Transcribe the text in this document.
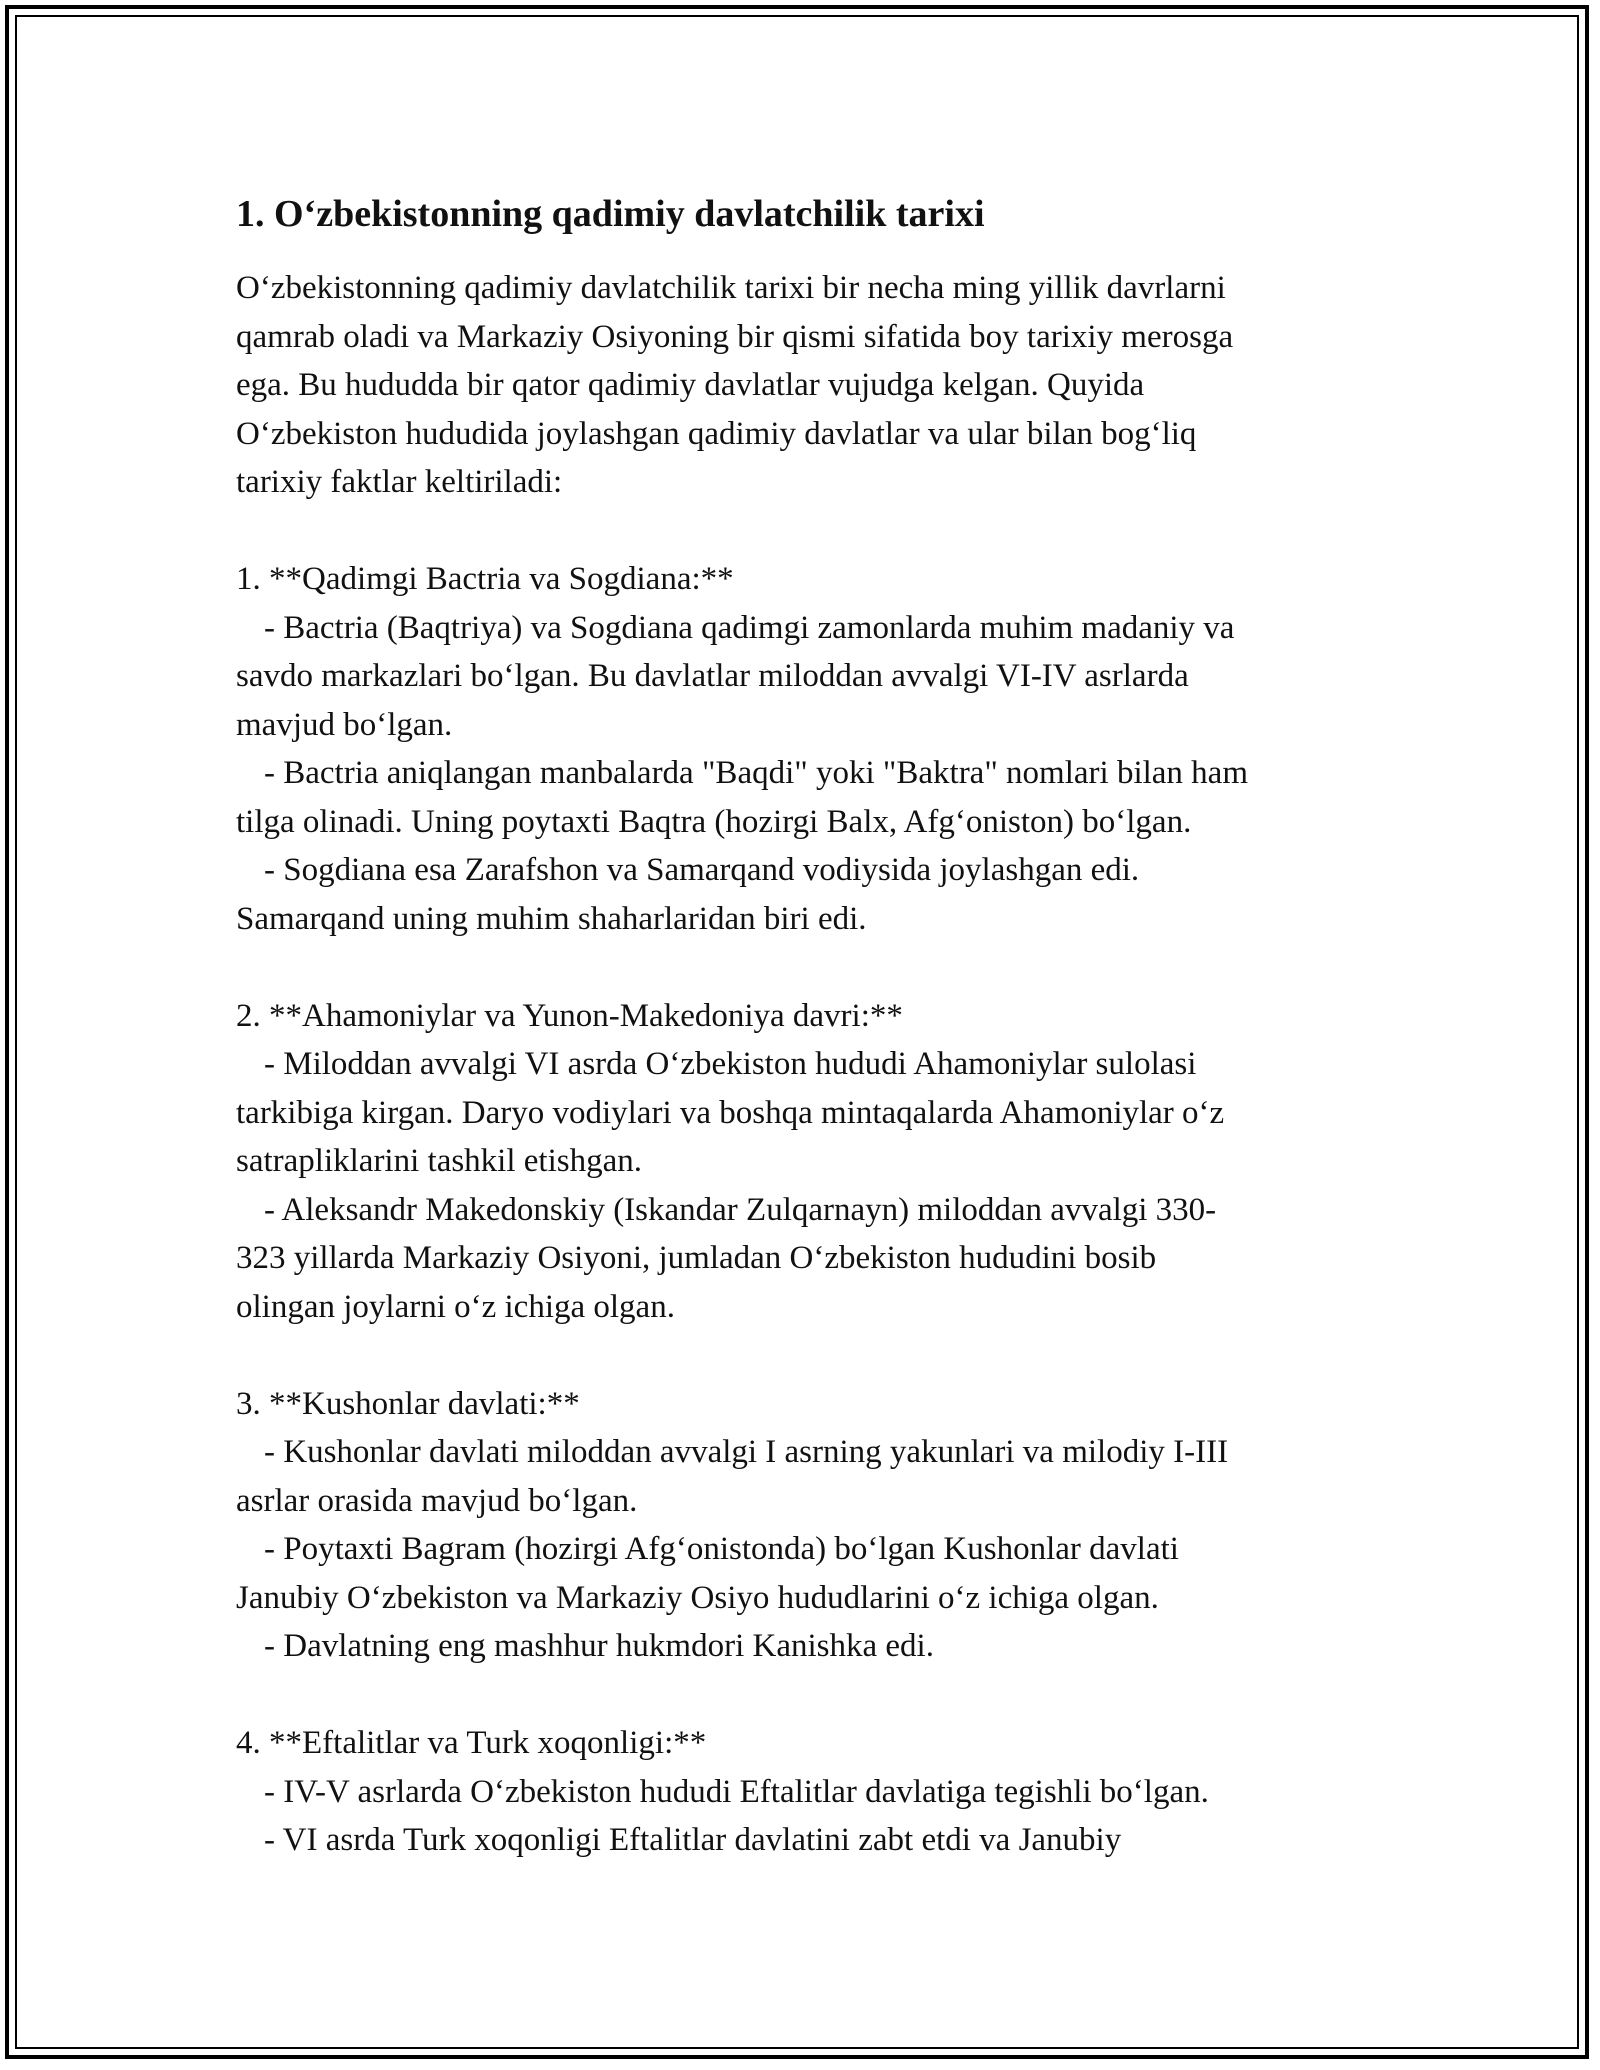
1. O‘zbekistonning qadimiy davlatchilik tarixi

O‘zbekistonning qadimiy davlatchilik tarixi bir necha ming yillik davrlarni

qamrab oladi va Markaziy Osiyoning bir qismi sifatida boy tarixiy merosga

ega. Bu hududda bir qator qadimiy davlatlar vujudga kelgan. Quyida

O‘zbekiston hududida joylashgan qadimiy davlatlar va ular bilan bog‘liq

tarixiy faktlar keltiriladi:

1. **Qadimgi Bactria va Sogdiana:**

- Bactria (Baqtriya) va Sogdiana qadimgi zamonlarda muhim madaniy va

savdo markazlari bo‘lgan. Bu davlatlar miloddan avvalgi VI-IV asrlarda

mavjud bo‘lgan.

- Bactria aniqlangan manbalarda "Baqdi" yoki "Baktra" nomlari bilan ham

tilga olinadi. Uning poytaxti Baqtra (hozirgi Balx, Afg‘oniston) bo‘lgan.

- Sogdiana esa Zarafshon va Samarqand vodiysida joylashgan edi.

Samarqand uning muhim shaharlaridan biri edi.

2. **Ahamoniylar va Yunon-Makedoniya davri:**

- Miloddan avvalgi VI asrda O‘zbekiston hududi Ahamoniylar sulolasi

tarkibiga kirgan. Daryo vodiylari va boshqa mintaqalarda Ahamoniylar o‘z

satrapliklarini tashkil etishgan.

- Aleksandr Makedonskiy (Iskandar Zulqarnayn) miloddan avvalgi 330-

323 yillarda Markaziy Osiyoni, jumladan O‘zbekiston hududini bosib

olingan joylarni o‘z ichiga olgan.

3. **Kushonlar davlati:**

- Kushonlar davlati miloddan avvalgi I asrning yakunlari va milodiy I-III

asrlar orasida mavjud bo‘lgan.

- Poytaxti Bagram (hozirgi Afg‘onistonda) bo‘lgan Kushonlar davlati

Janubiy O‘zbekiston va Markaziy Osiyo hududlarini o‘z ichiga olgan.

- Davlatning eng mashhur hukmdori Kanishka edi.

4. **Eftalitlar va Turk xoqonligi:**

- IV-V asrlarda O‘zbekiston hududi Eftalitlar davlatiga tegishli bo‘lgan.

- VI asrda Turk xoqonligi Eftalitlar davlatini zabt etdi va Janubiy
